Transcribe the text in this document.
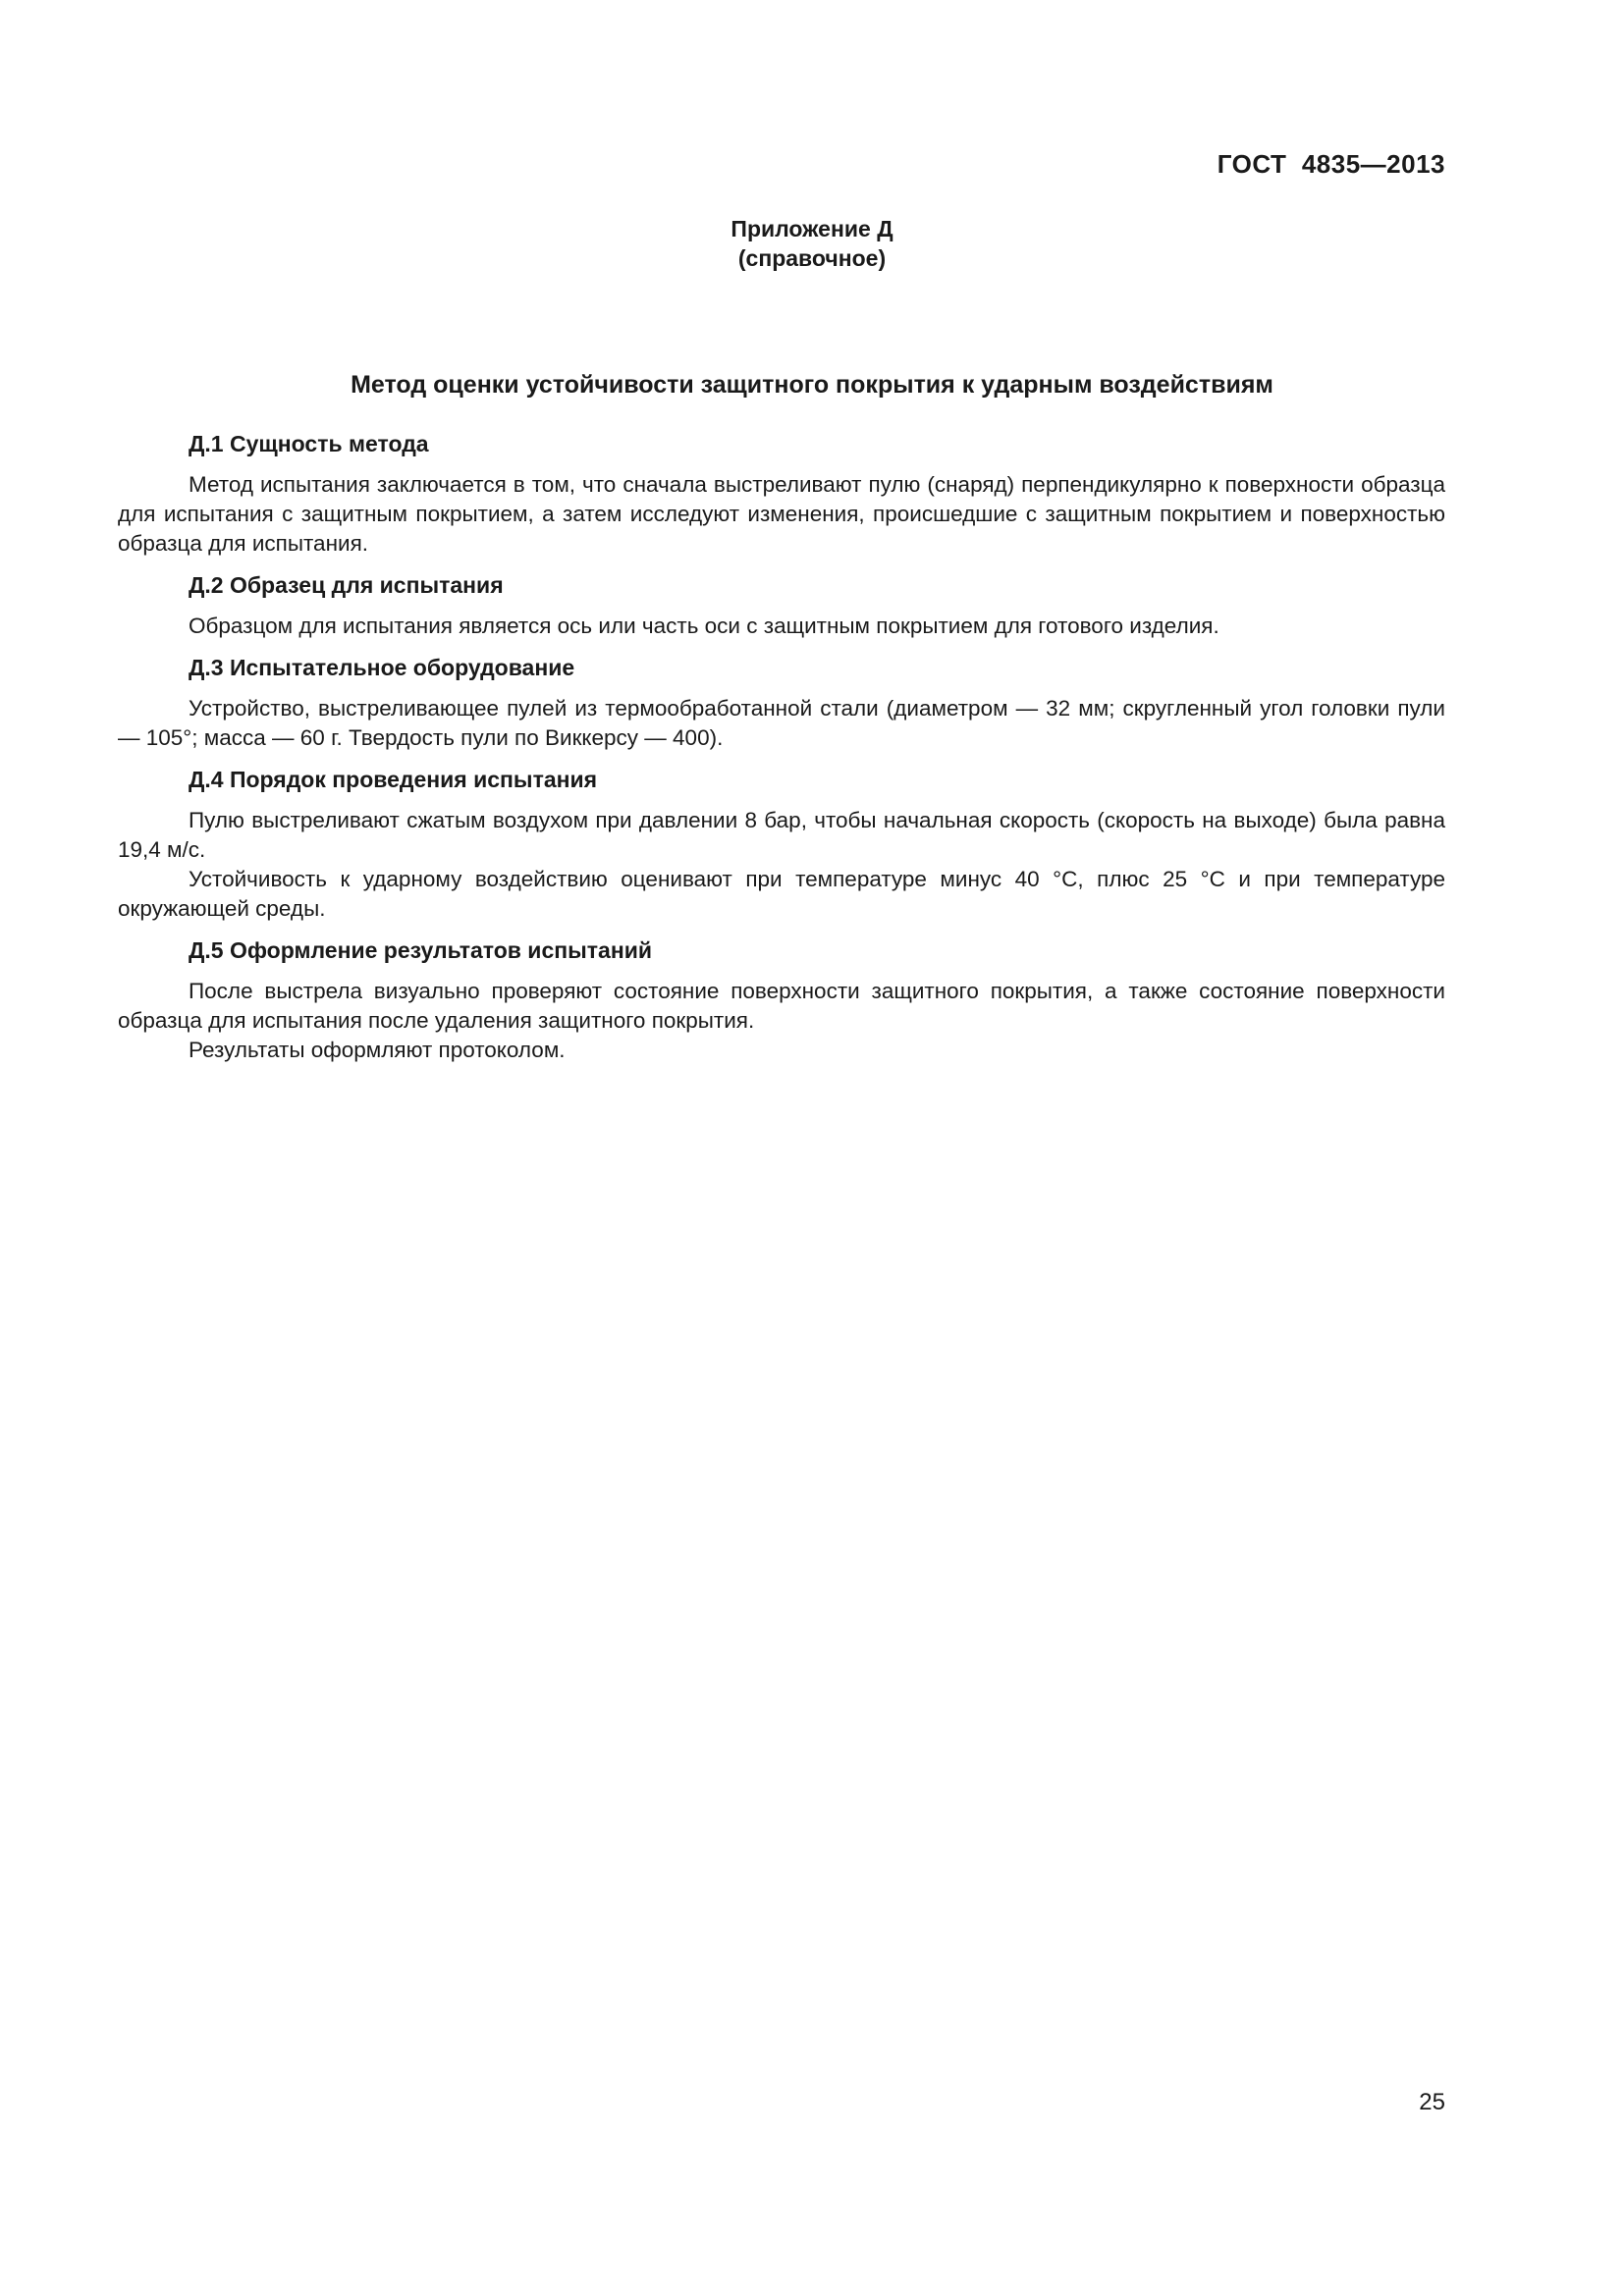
ГОСТ  4835—2013
Приложение Д
(справочное)
Метод оценки устойчивости защитного покрытия к ударным воздействиям
Д.1 Сущность метода

Метод испытания заключается в том, что сначала выстреливают пулю (снаряд) перпендикулярно к поверхности образца для испытания с защитным покрытием, а затем исследуют изменения, происшедшие с защитным покрытием и поверхностью образца для испытания.

Д.2 Образец для испытания

Образцом для испытания является ось или часть оси с защитным покрытием для готового изделия.

Д.3 Испытательное оборудование

Устройство, выстреливающее пулей из термообработанной стали (диаметром — 32 мм; скругленный угол головки пули — 105°; масса — 60 г. Твердость пули по Виккерсу — 400).

Д.4 Порядок проведения испытания

Пулю выстреливают сжатым воздухом при давлении 8 бар, чтобы начальная скорость (скорость на выходе) была равна 19,4 м/с.

Устойчивость к ударному воздействию оценивают при температуре минус 40 °С, плюс 25 °С и при температуре окружающей среды.

Д.5 Оформление результатов испытаний

После выстрела визуально проверяют состояние поверхности защитного покрытия, а также состояние поверхности образца для испытания после удаления защитного покрытия.

Результаты оформляют протоколом.

25
